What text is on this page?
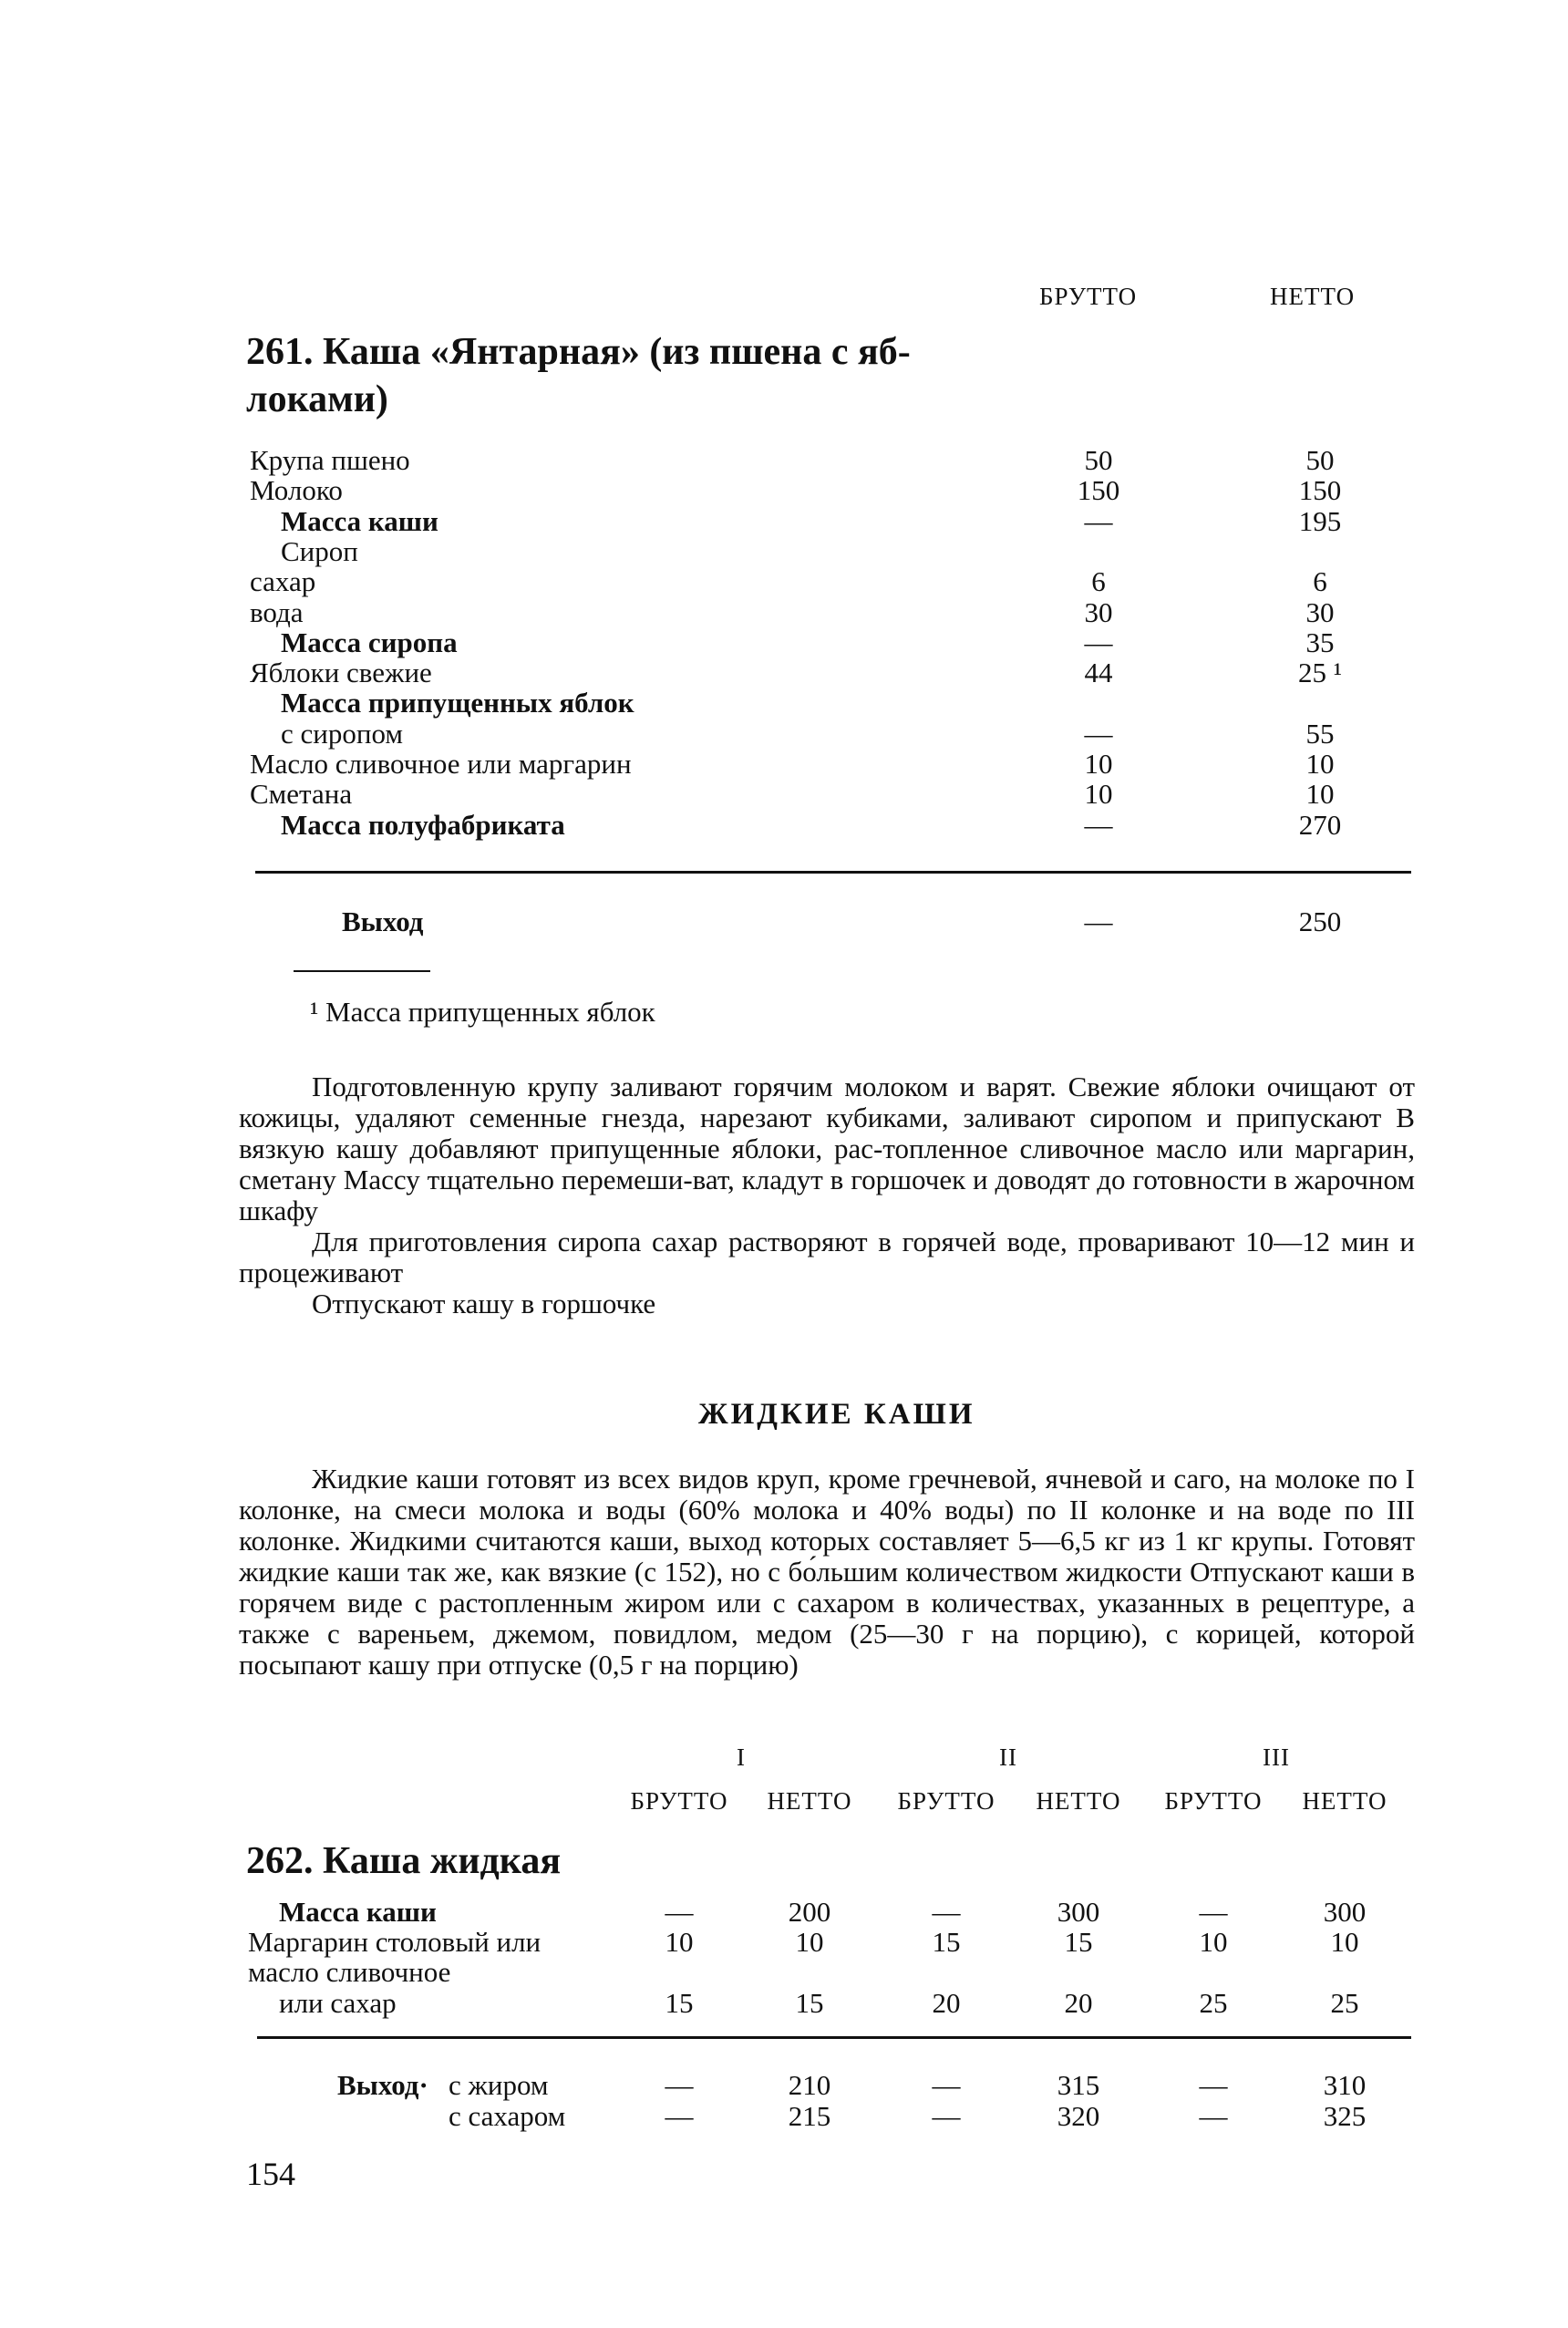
БРУТТО	НЕТТО
261. Каша «Янтарная» (из пшена с яб-
локами)
Крупа пшено	50	50
Молоко	150	150
Масса каши	—	195
Сироп
сахар	6	6
вода	30	30
Масса сиропа	—	35
Яблоки свежие	44	25 ¹
Масса припущенных яблок
с сиропом	—	55
Масло сливочное или маргарин	10	10
Сметана	10	10
Масса полуфабриката	—	270
Выход	—	250
¹ Масса припущенных яблок

Подготовленную крупу заливают горячим молоком и варят. Свежие яблоки очищают от кожицы, удаляют семенные гнезда, нарезают кубиками, заливают сиропом и припускают В вязкую кашу добавляют припущенные яблоки, рас-топленное сливочное масло или маргарин, сметану Массу тщательно перемеши-ват, кладут в горшочек и доводят до готовности в жарочном шкафу

Для приготовления сиропа сахар растворяют в горячей воде, проваривают 10—12 мин и процеживают

Отпускают кашу в горшочке

ЖИДКИЕ КАШИ

Жидкие каши готовят из всех видов круп, кроме гречневой, ячневой и саго, на молоке по I колонке, на смеси молока и воды (60% молока и 40% воды) по II колонке и на воде по III колонке. Жидкими считаются каши, выход которых составляет 5—6,5 кг из 1 кг крупы. Готовят жидкие каши так же, как вязкие (с 152), но с бо́льшим количеством жидкости Отпускают каши в горячем виде с растопленным жиром или с сахаром в количествах, указанных в рецептуре, а также с вареньем, джемом, повидлом, медом (25—30 г на порцию), с корицей, которой посыпают кашу при отпуске (0,5 г на порцию)

I	II	III
БРУТТО	НЕТТО	БРУТТО	НЕТТО	БРУТТО	НЕТТО
262. Каша жидкая
Масса каши	—	200	—	300	—	300
Маргарин столовый или	10	10	15	15	10	10
масло сливочное
или сахар	15	15	20	20	25	25
Выход· с жиром	—	210	—	315	—	310
с сахаром	—	215	—	320	—	325
154
